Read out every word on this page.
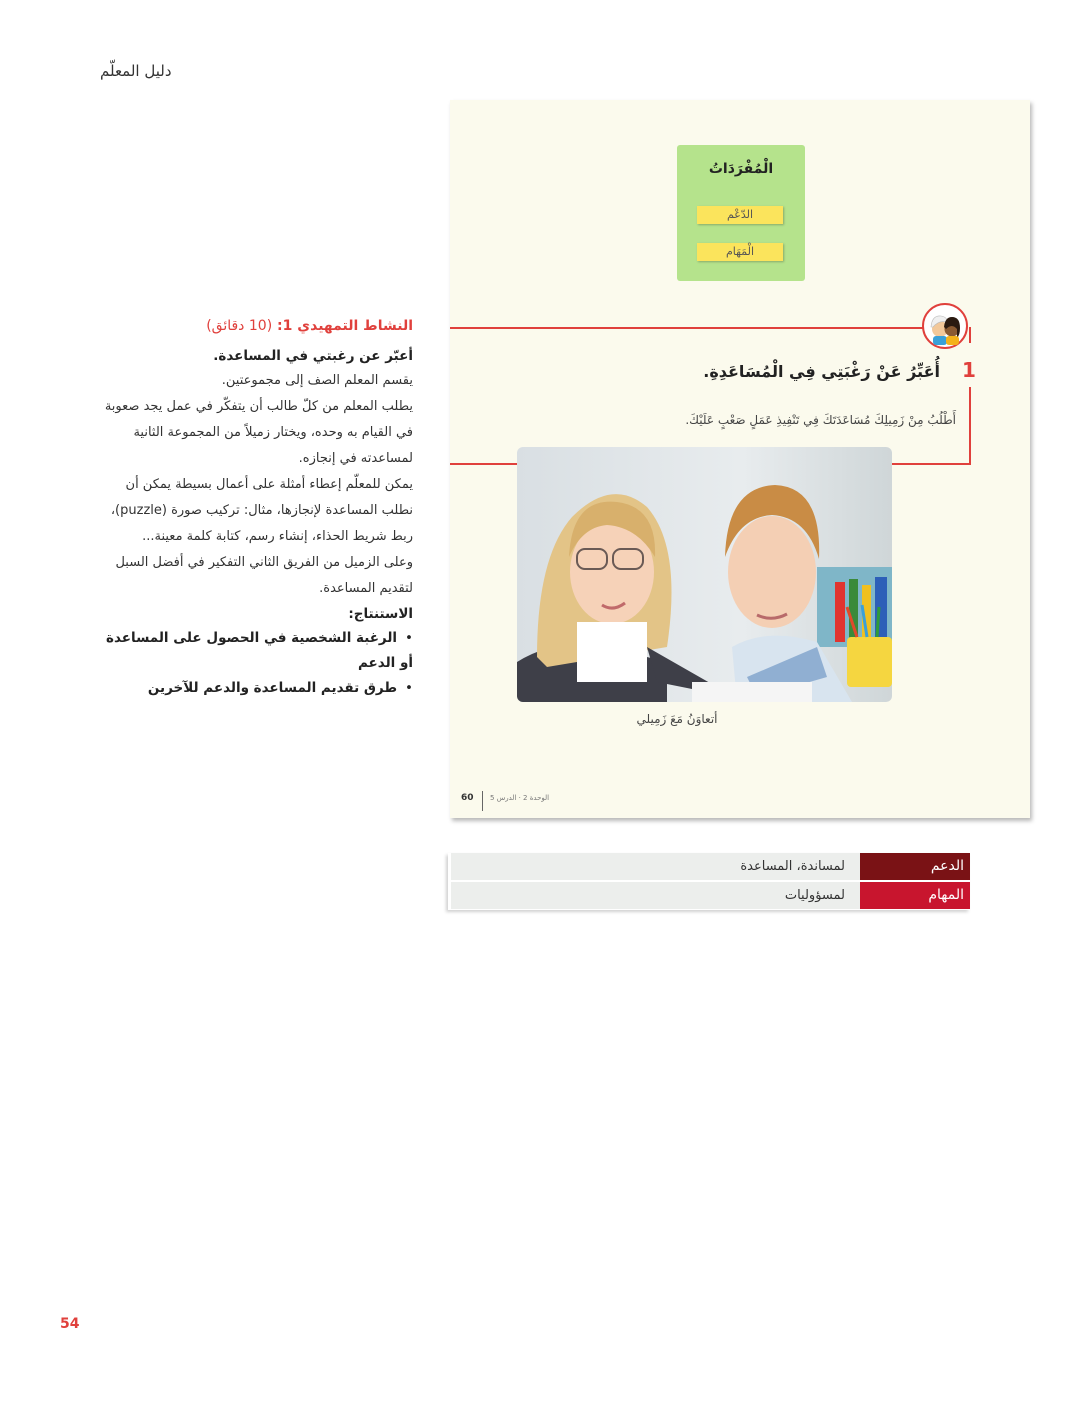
دليل المعلّم
الْمُفْرَدَاتُ
الدّعْم
الْمَهَام
1
أُعَبِّرُ عَنْ رَغْبَتِي فِي الْمُسَاعَدِةِ.
أَطْلُبُ مِنْ زَمِيلِكَ مُسَاعَدَتَكَ فِي تَنْفِيذِ عَمَلٍ صَعْبٍ عَلَيْكَ.
أتعاوَنُ مَعَ زَمِيلي
60 الوحدة 2 · الدرس 5

النشاط التمهيدي 1: (10 دقائق)

أعبّر عن رغبتي في المساعدة.

يقسم المعلم الصف إلى مجموعتين.

يطلب المعلم من كلّ طالب أن يتفكّر في عمل يجد صعوبة في القيام به وحده، ويختار زميلاً من المجموعة الثانية لمساعدته في إنجازه.

يمكن للمعلّم إعطاء أمثلة على أعمال بسيطة يمكن أن نطلب المساعدة لإنجازها، مثال: تركيب صورة (puzzle)، ربط شريط الحذاء، إنشاء رسم، كتابة كلمة معينة...

وعلى الزميل من الفريق الثاني التفكير في أفضل السبل لتقديم المساعدة.

الاستنتاج:

•الرغبة الشخصية في الحصول على المساعدة أو الدعم

•طرق تقديم المساعدة والدعم للآخرين

لمساندة، المساعدة	الدعم
لمسؤوليات	المهام
54
